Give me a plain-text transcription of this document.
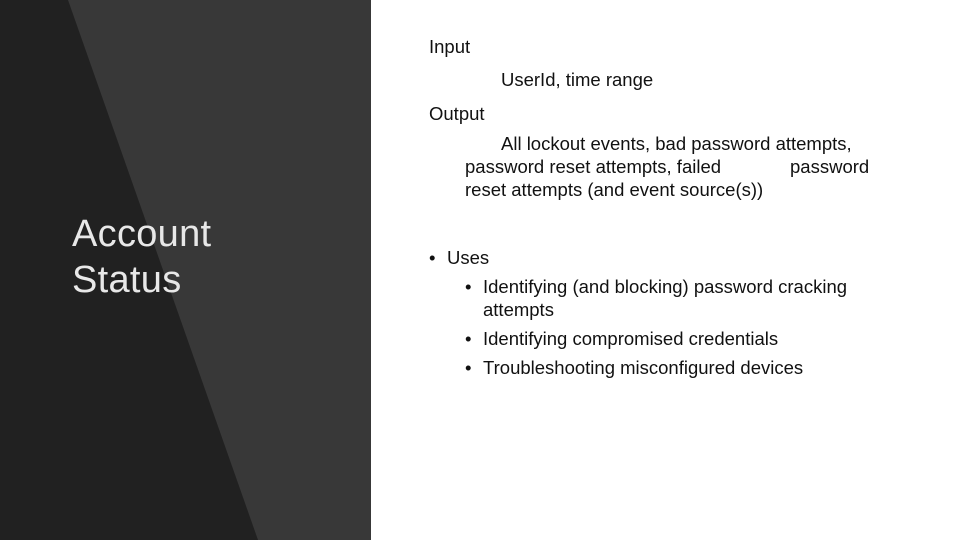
Account
Status

Input

UserId, time range

Output

All lockout events, bad password attempts,

password reset attempts, failed	password

reset attempts (and event source(s))

• Uses
• Identifying (and blocking) password cracking

attempts

• Identifying compromised credentials
• Troubleshooting misconfigured devices
